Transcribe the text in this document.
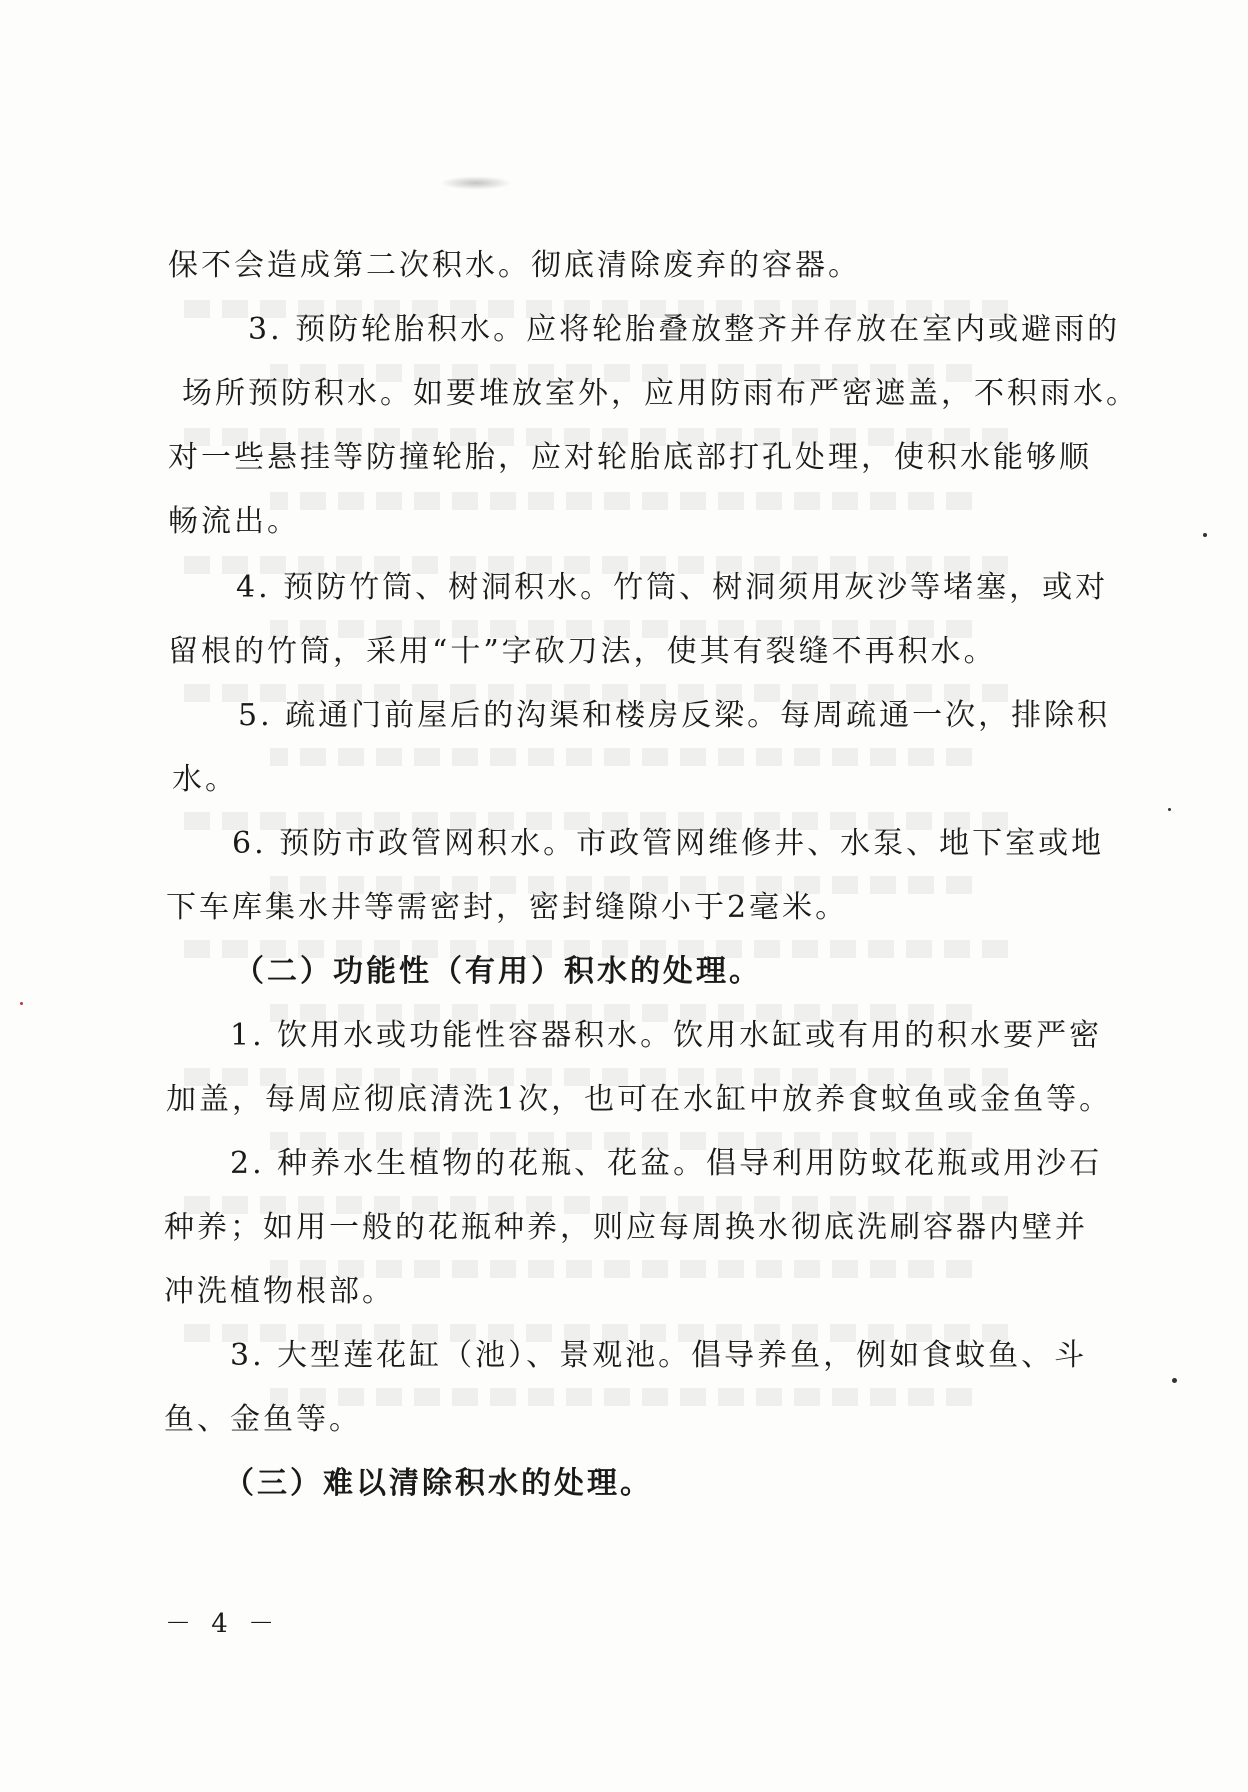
保不会造成第二次积水。彻底清除废弃的容器。
3. 预防轮胎积水。应将轮胎叠放整齐并存放在室内或避雨的
场所预防积水。如要堆放室外，应用防雨布严密遮盖，不积雨水。
对一些悬挂等防撞轮胎，应对轮胎底部打孔处理，使积水能够顺
畅流出。
4. 预防竹筒、树洞积水。竹筒、树洞须用灰沙等堵塞，或对
留根的竹筒，采用“十”字砍刀法，使其有裂缝不再积水。
5. 疏通门前屋后的沟渠和楼房反梁。每周疏通一次，排除积
水。
6. 预防市政管网积水。市政管网维修井、水泵、地下室或地
下车库集水井等需密封，密封缝隙小于2毫米。
（二）功能性（有用）积水的处理。
1. 饮用水或功能性容器积水。饮用水缸或有用的积水要严密
加盖，每周应彻底清洗1次，也可在水缸中放养食蚊鱼或金鱼等。
2. 种养水生植物的花瓶、花盆。倡导利用防蚊花瓶或用沙石
种养；如用一般的花瓶种养，则应每周换水彻底洗刷容器内壁并
冲洗植物根部。
3. 大型莲花缸（池）、景观池。倡导养鱼，例如食蚊鱼、斗
鱼、金鱼等。
（三）难以清除积水的处理。
－ 4 －
